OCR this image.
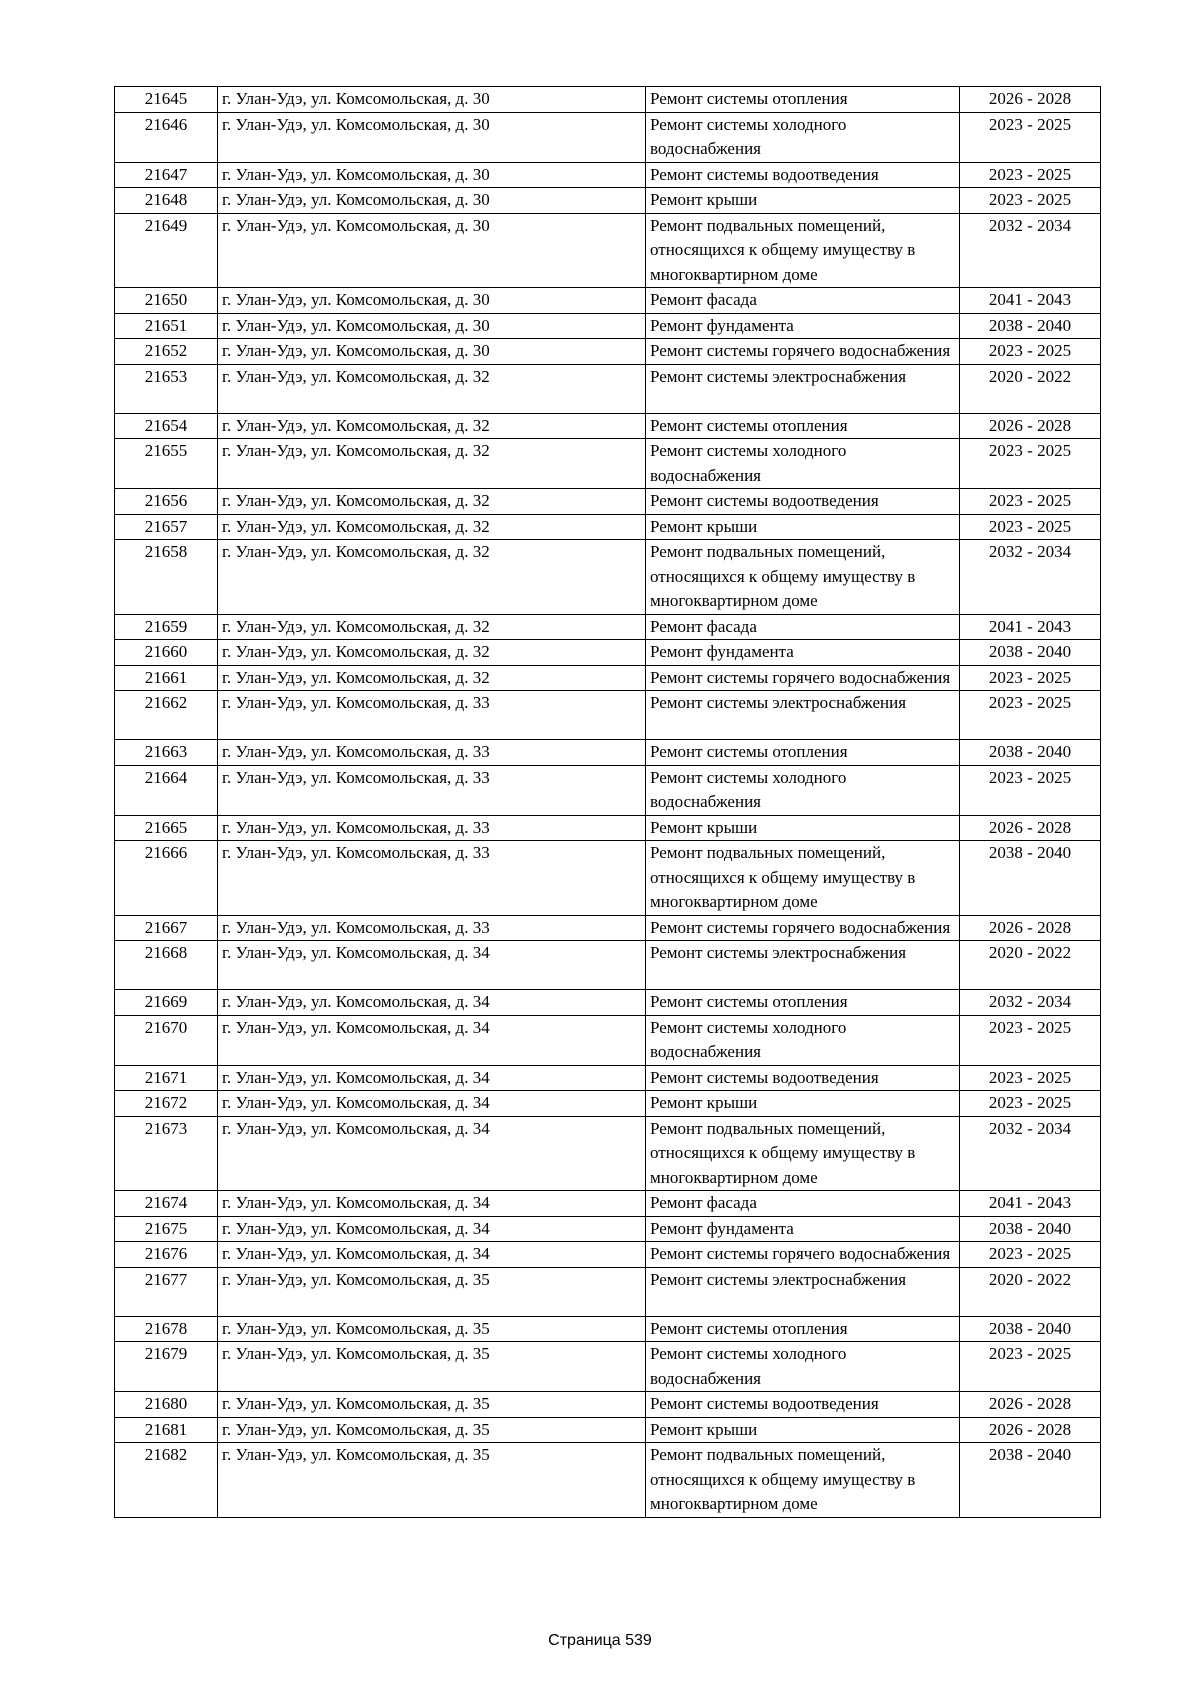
21645	г. Улан-Удэ, ул. Комсомольская, д. 30	Ремонт системы отопления	2026 - 2028
21646	г. Улан-Удэ, ул. Комсомольская, д. 30	Ремонт системы холодного водоснабжения	2023 - 2025
21647	г. Улан-Удэ, ул. Комсомольская, д. 30	Ремонт системы водоотведения	2023 - 2025
21648	г. Улан-Удэ, ул. Комсомольская, д. 30	Ремонт крыши	2023 - 2025
21649	г. Улан-Удэ, ул. Комсомольская, д. 30	Ремонт подвальных помещений, относящихся к общему имуществу в многоквартирном доме	2032 - 2034
21650	г. Улан-Удэ, ул. Комсомольская, д. 30	Ремонт фасада	2041 - 2043
21651	г. Улан-Удэ, ул. Комсомольская, д. 30	Ремонт фундамента	2038 - 2040
21652	г. Улан-Удэ, ул. Комсомольская, д. 30	Ремонт системы горячего водоснабжения	2023 - 2025
21653	г. Улан-Удэ, ул. Комсомольская, д. 32	Ремонт системы электроснабжения	2020 - 2022
21654	г. Улан-Удэ, ул. Комсомольская, д. 32	Ремонт системы отопления	2026 - 2028
21655	г. Улан-Удэ, ул. Комсомольская, д. 32	Ремонт системы холодного водоснабжения	2023 - 2025
21656	г. Улан-Удэ, ул. Комсомольская, д. 32	Ремонт системы водоотведения	2023 - 2025
21657	г. Улан-Удэ, ул. Комсомольская, д. 32	Ремонт крыши	2023 - 2025
21658	г. Улан-Удэ, ул. Комсомольская, д. 32	Ремонт подвальных помещений, относящихся к общему имуществу в многоквартирном доме	2032 - 2034
21659	г. Улан-Удэ, ул. Комсомольская, д. 32	Ремонт фасада	2041 - 2043
21660	г. Улан-Удэ, ул. Комсомольская, д. 32	Ремонт фундамента	2038 - 2040
21661	г. Улан-Удэ, ул. Комсомольская, д. 32	Ремонт системы горячего водоснабжения	2023 - 2025
21662	г. Улан-Удэ, ул. Комсомольская, д. 33	Ремонт системы электроснабжения	2023 - 2025
21663	г. Улан-Удэ, ул. Комсомольская, д. 33	Ремонт системы отопления	2038 - 2040
21664	г. Улан-Удэ, ул. Комсомольская, д. 33	Ремонт системы холодного водоснабжения	2023 - 2025
21665	г. Улан-Удэ, ул. Комсомольская, д. 33	Ремонт крыши	2026 - 2028
21666	г. Улан-Удэ, ул. Комсомольская, д. 33	Ремонт подвальных помещений, относящихся к общему имуществу в многоквартирном доме	2038 - 2040
21667	г. Улан-Удэ, ул. Комсомольская, д. 33	Ремонт системы горячего водоснабжения	2026 - 2028
21668	г. Улан-Удэ, ул. Комсомольская, д. 34	Ремонт системы электроснабжения	2020 - 2022
21669	г. Улан-Удэ, ул. Комсомольская, д. 34	Ремонт системы отопления	2032 - 2034
21670	г. Улан-Удэ, ул. Комсомольская, д. 34	Ремонт системы холодного водоснабжения	2023 - 2025
21671	г. Улан-Удэ, ул. Комсомольская, д. 34	Ремонт системы водоотведения	2023 - 2025
21672	г. Улан-Удэ, ул. Комсомольская, д. 34	Ремонт крыши	2023 - 2025
21673	г. Улан-Удэ, ул. Комсомольская, д. 34	Ремонт подвальных помещений, относящихся к общему имуществу в многоквартирном доме	2032 - 2034
21674	г. Улан-Удэ, ул. Комсомольская, д. 34	Ремонт фасада	2041 - 2043
21675	г. Улан-Удэ, ул. Комсомольская, д. 34	Ремонт фундамента	2038 - 2040
21676	г. Улан-Удэ, ул. Комсомольская, д. 34	Ремонт системы горячего водоснабжения	2023 - 2025
21677	г. Улан-Удэ, ул. Комсомольская, д. 35	Ремонт системы электроснабжения	2020 - 2022
21678	г. Улан-Удэ, ул. Комсомольская, д. 35	Ремонт системы отопления	2038 - 2040
21679	г. Улан-Удэ, ул. Комсомольская, д. 35	Ремонт системы холодного водоснабжения	2023 - 2025
21680	г. Улан-Удэ, ул. Комсомольская, д. 35	Ремонт системы водоотведения	2026 - 2028
21681	г. Улан-Удэ, ул. Комсомольская, д. 35	Ремонт крыши	2026 - 2028
21682	г. Улан-Удэ, ул. Комсомольская, д. 35	Ремонт подвальных помещений, относящихся к общему имуществу в многоквартирном доме	2038 - 2040
Страница 539
